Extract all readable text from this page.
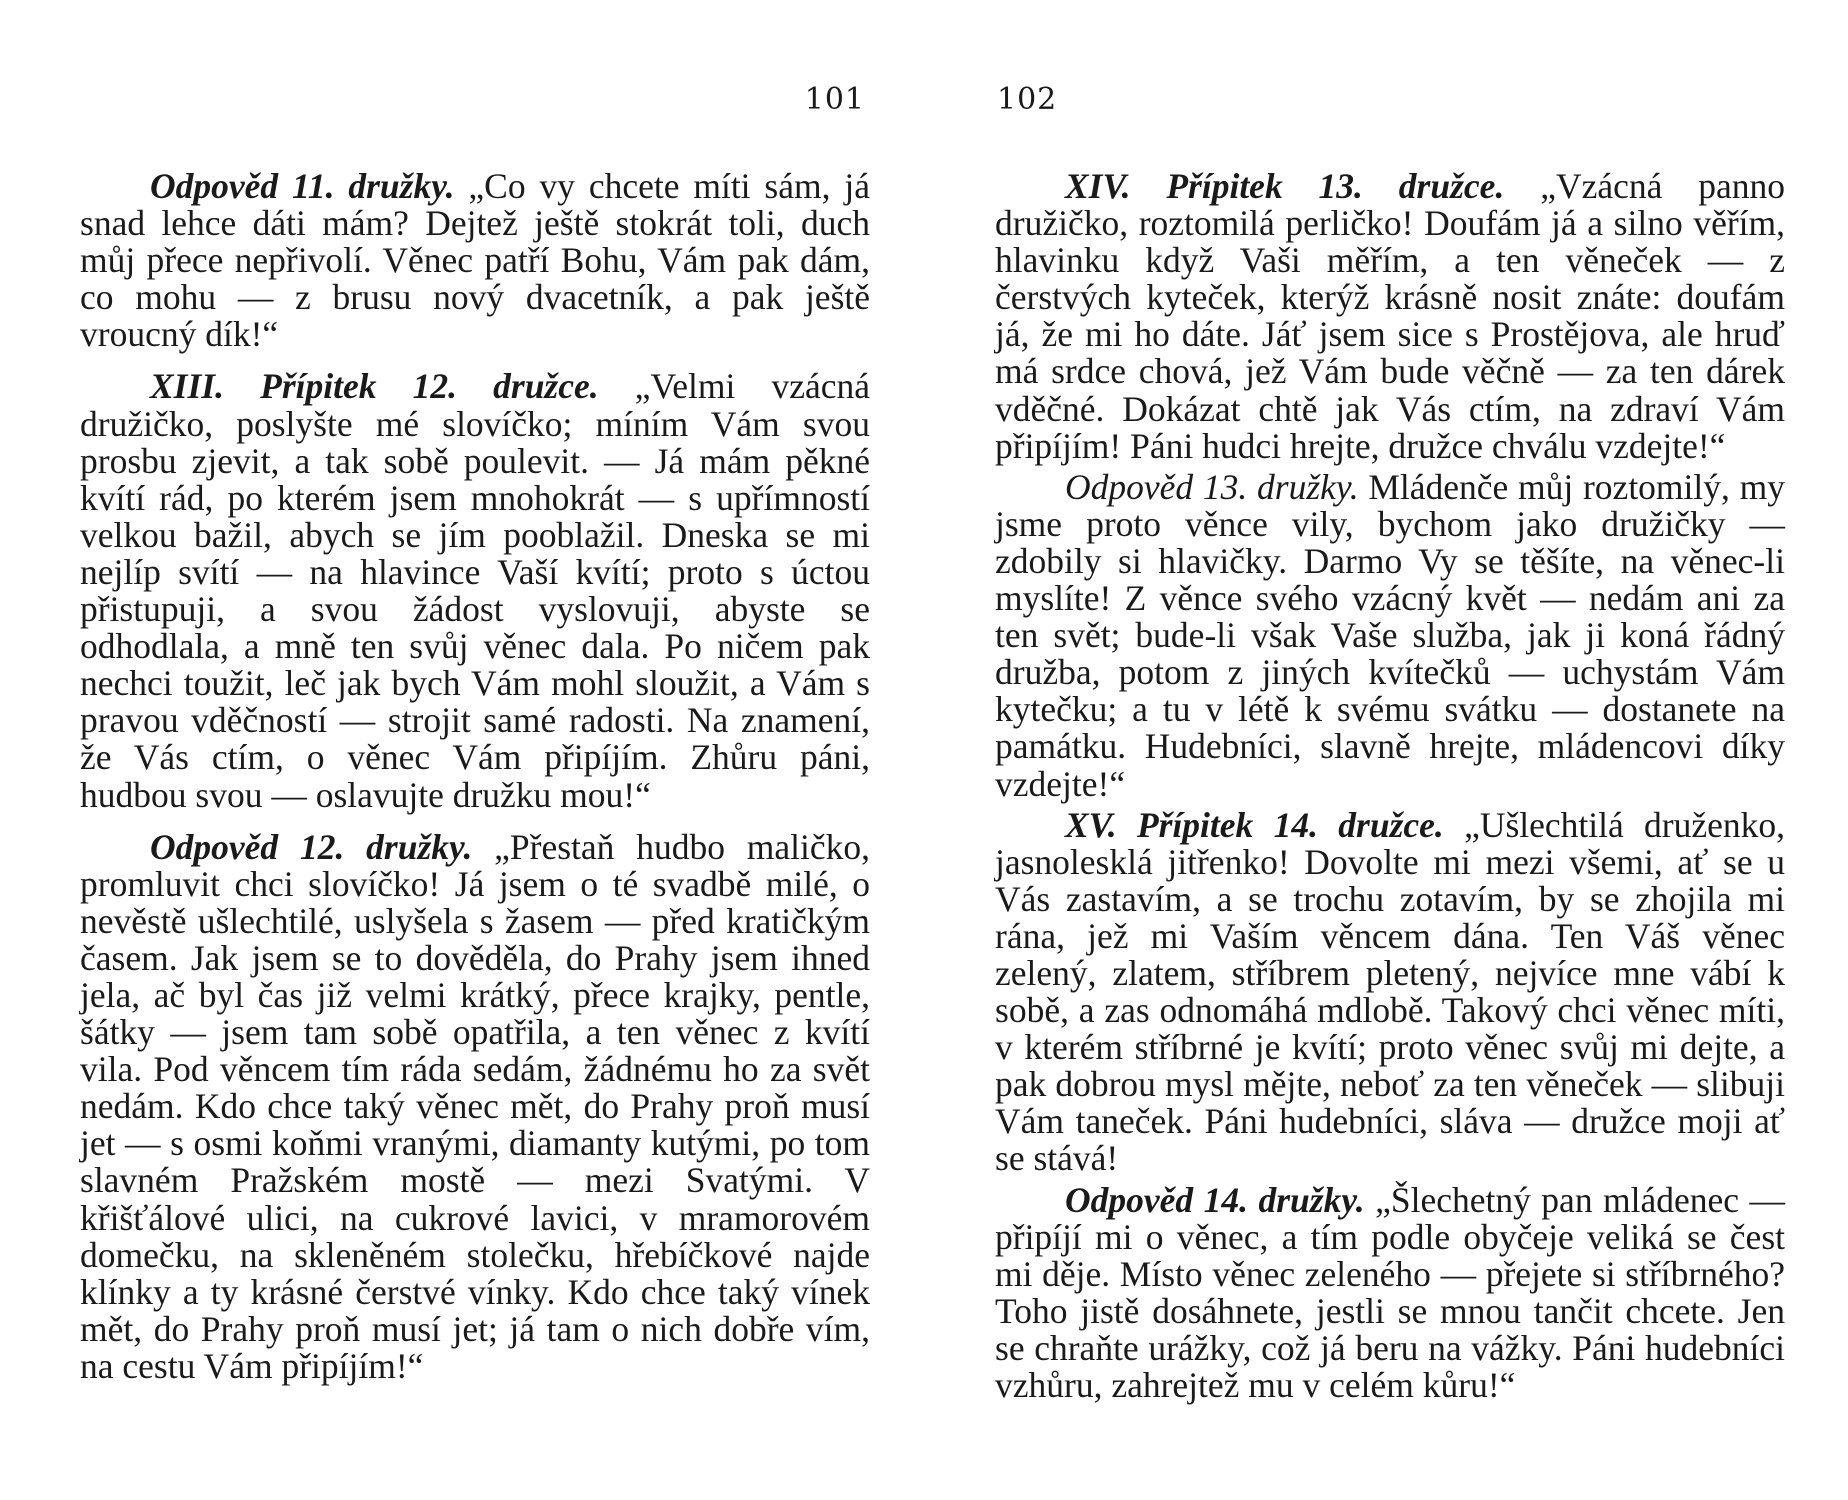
101

Odpověd 11. družky. „Co vy chcete míti sám, já snad lehce dáti mám? Dejtež ještě stokrát toli, duch můj přece nepřivolí. Věnec patří Bohu, Vám pak dám, co mohu — z brusu nový dvacetník, a pak ještě vroucný dík!“

XIII. Přípitek 12. družce. „Velmi vzácná družičko, poslyšte mé slovíčko; míním Vám svou prosbu zjevit, a tak sobě poulevit. — Já mám pěkné kvítí rád, po kterém jsem mnohokrát — s upřímností velkou bažil, abych se jím pooblažil. Dneska se mi nejlíp svítí — na hlavince Vaší kvítí; proto s úctou přistupuji, a svou žádost vyslovuji, abyste se odhodlala, a mně ten svůj věnec dala. Po ničem pak nechci toužit, leč jak bych Vám mohl sloužit, a Vám s pravou vděčností — strojit samé radosti. Na znamení, že Vás ctím, o věnec Vám připíjím. Zhůru páni, hudbou svou — oslavujte družku mou!“

Odpověd 12. družky. „Přestaň hudbo maličko, promluvit chci slovíčko! Já jsem o té svadbě milé, o nevěstě ušlechtilé, uslyšela s žasem — před kratičkým časem. Jak jsem se to dověděla, do Prahy jsem ihned jela, ač byl čas již velmi krátký, přece krajky, pentle, šátky — jsem tam sobě opatřila, a ten věnec z kvítí vila. Pod věncem tím ráda sedám, žádnému ho za svět nedám. Kdo chce taký věnec mět, do Prahy proň musí jet — s osmi koňmi vranými, diamanty kutými, po tom slavném Pražském mostě — mezi Svatými. V křišťálové ulici, na cukrové lavici, v mramorovém domečku, na skleněném stolečku, hřebíčkové najde klínky a ty krásné čerstvé vínky. Kdo chce taký vínek mět, do Prahy proň musí jet; já tam o nich dobře vím, na cestu Vám připíjím!“

102

XIV. Přípitek 13. družce. „Vzácná panno družičko, roztomilá perličko! Doufám já a silno věřím, hlavinku když Vaši měřím, a ten věneček — z čerstvých kyteček, kterýž krásně nosit znáte: doufám já, že mi ho dáte. Jáť jsem sice s Prostějova, ale hruď má srdce chová, jež Vám bude věčně — za ten dárek vděčné. Dokázat chtě jak Vás ctím, na zdraví Vám připíjím! Páni hudci hrejte, družce chválu vzdejte!“

Odpověd 13. družky. Mládenče můj roztomilý, my jsme proto věnce vily, bychom jako družičky — zdobily si hlavičky. Darmo Vy se těšíte, na věnec-li myslíte! Z věnce svého vzácný květ — nedám ani za ten svět; bude-li však Vaše služba, jak ji koná řádný družba, potom z jiných kvítečků — uchystám Vám kytečku; a tu v létě k svému svátku — dostanete na památku. Hudebníci, slavně hrejte, mládencovi díky vzdejte!“

XV. Přípitek 14. družce. „Ušlechtilá druženko, jasnolesklá jitřenko! Dovolte mi mezi všemi, ať se u Vás zastavím, a se trochu zotavím, by se zhojila mi rána, jež mi Vaším věncem dána. Ten Váš věnec zelený, zlatem, stříbrem pletený, nejvíce mne vábí k sobě, a zas odnomáhá mdlobě. Takový chci věnec míti, v kterém stříbrné je kvítí; proto věnec svůj mi dejte, a pak dobrou mysl mějte, neboť za ten věneček — slibuji Vám taneček. Páni hudebníci, sláva — družce moji ať se stává!

Odpověd 14. družky. „Šlechetný pan mládenec — připíjí mi o věnec, a tím podle obyčeje veliká se čest mi děje. Místo věnec zeleného — přejete si stříbrného? Toho jistě dosáhnete, jestli se mnou tančit chcete. Jen se chraňte urážky, což já beru na vážky. Páni hudebníci vzhůru, zahrejtež mu v celém kůru!“
